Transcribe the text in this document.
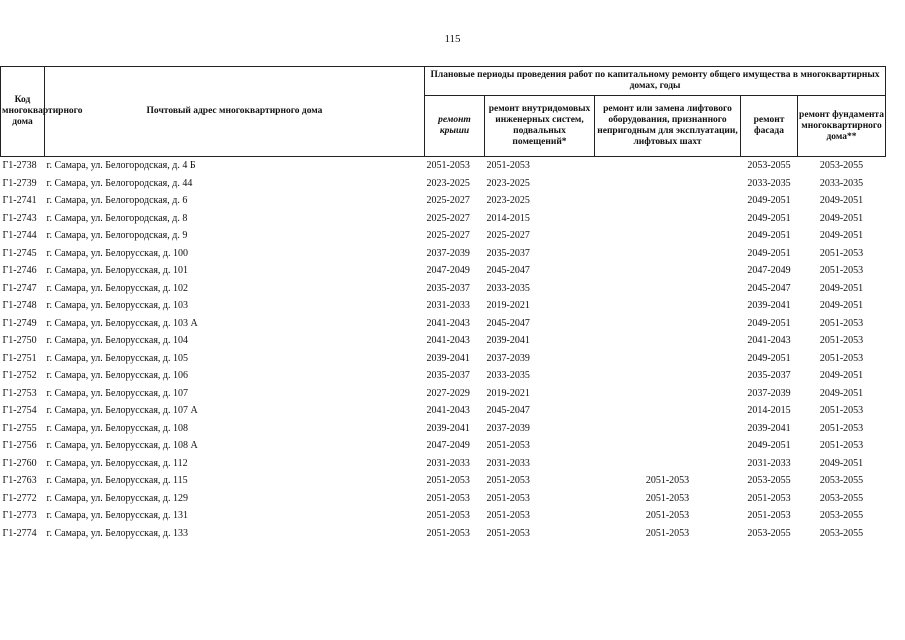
115
Код многоквартирного дома	Почтовый адрес многоквартирного дома	Плановые периоды проведения работ по капитальному ремонту общего имущества в многоквартирных домах, годы				
		ремонт крыши	ремонт внутридомовых инженерных систем, подвальных помещений*	ремонт или замена лифтового оборудования, признанного непригодным для эксплуатации, лифтовых шахт	ремонт фасада	ремонт фундамента многоквартирного дома**
Г1-2738	г. Самара, ул. Белогородская, д. 4 Б	2051-2053	2051-2053		2053-2055	2053-2055
Г1-2739	г. Самара, ул. Белогородская, д. 44	2023-2025	2023-2025		2033-2035	2033-2035
Г1-2741	г. Самара, ул. Белогородская, д. 6	2025-2027	2023-2025		2049-2051	2049-2051
Г1-2743	г. Самара, ул. Белогородская, д. 8	2025-2027	2014-2015		2049-2051	2049-2051
Г1-2744	г. Самара, ул. Белогородская, д. 9	2025-2027	2025-2027		2049-2051	2049-2051
Г1-2745	г. Самара, ул. Белорусская, д. 100	2037-2039	2035-2037		2049-2051	2051-2053
Г1-2746	г. Самара, ул. Белорусская, д. 101	2047-2049	2045-2047		2047-2049	2051-2053
Г1-2747	г. Самара, ул. Белорусская, д. 102	2035-2037	2033-2035		2045-2047	2049-2051
Г1-2748	г. Самара, ул. Белорусская, д. 103	2031-2033	2019-2021		2039-2041	2049-2051
Г1-2749	г. Самара, ул. Белорусская, д. 103 А	2041-2043	2045-2047		2049-2051	2051-2053
Г1-2750	г. Самара, ул. Белорусская, д. 104	2041-2043	2039-2041		2041-2043	2051-2053
Г1-2751	г. Самара, ул. Белорусская, д. 105	2039-2041	2037-2039		2049-2051	2051-2053
Г1-2752	г. Самара, ул. Белорусская, д. 106	2035-2037	2033-2035		2035-2037	2049-2051
Г1-2753	г. Самара, ул. Белорусская, д. 107	2027-2029	2019-2021		2037-2039	2049-2051
Г1-2754	г. Самара, ул. Белорусская, д. 107 А	2041-2043	2045-2047		2014-2015	2051-2053
Г1-2755	г. Самара, ул. Белорусская, д. 108	2039-2041	2037-2039		2039-2041	2051-2053
Г1-2756	г. Самара, ул. Белорусская, д. 108 А	2047-2049	2051-2053		2049-2051	2051-2053
Г1-2760	г. Самара, ул. Белорусская, д. 112	2031-2033	2031-2033		2031-2033	2049-2051
Г1-2763	г. Самара, ул. Белорусская, д. 115	2051-2053	2051-2053	2051-2053	2053-2055	2053-2055
Г1-2772	г. Самара, ул. Белорусская, д. 129	2051-2053	2051-2053	2051-2053	2051-2053	2053-2055
Г1-2773	г. Самара, ул. Белорусская, д. 131	2051-2053	2051-2053	2051-2053	2051-2053	2053-2055
Г1-2774	г. Самара, ул. Белорусская, д. 133	2051-2053	2051-2053	2051-2053	2053-2055	2053-2055
